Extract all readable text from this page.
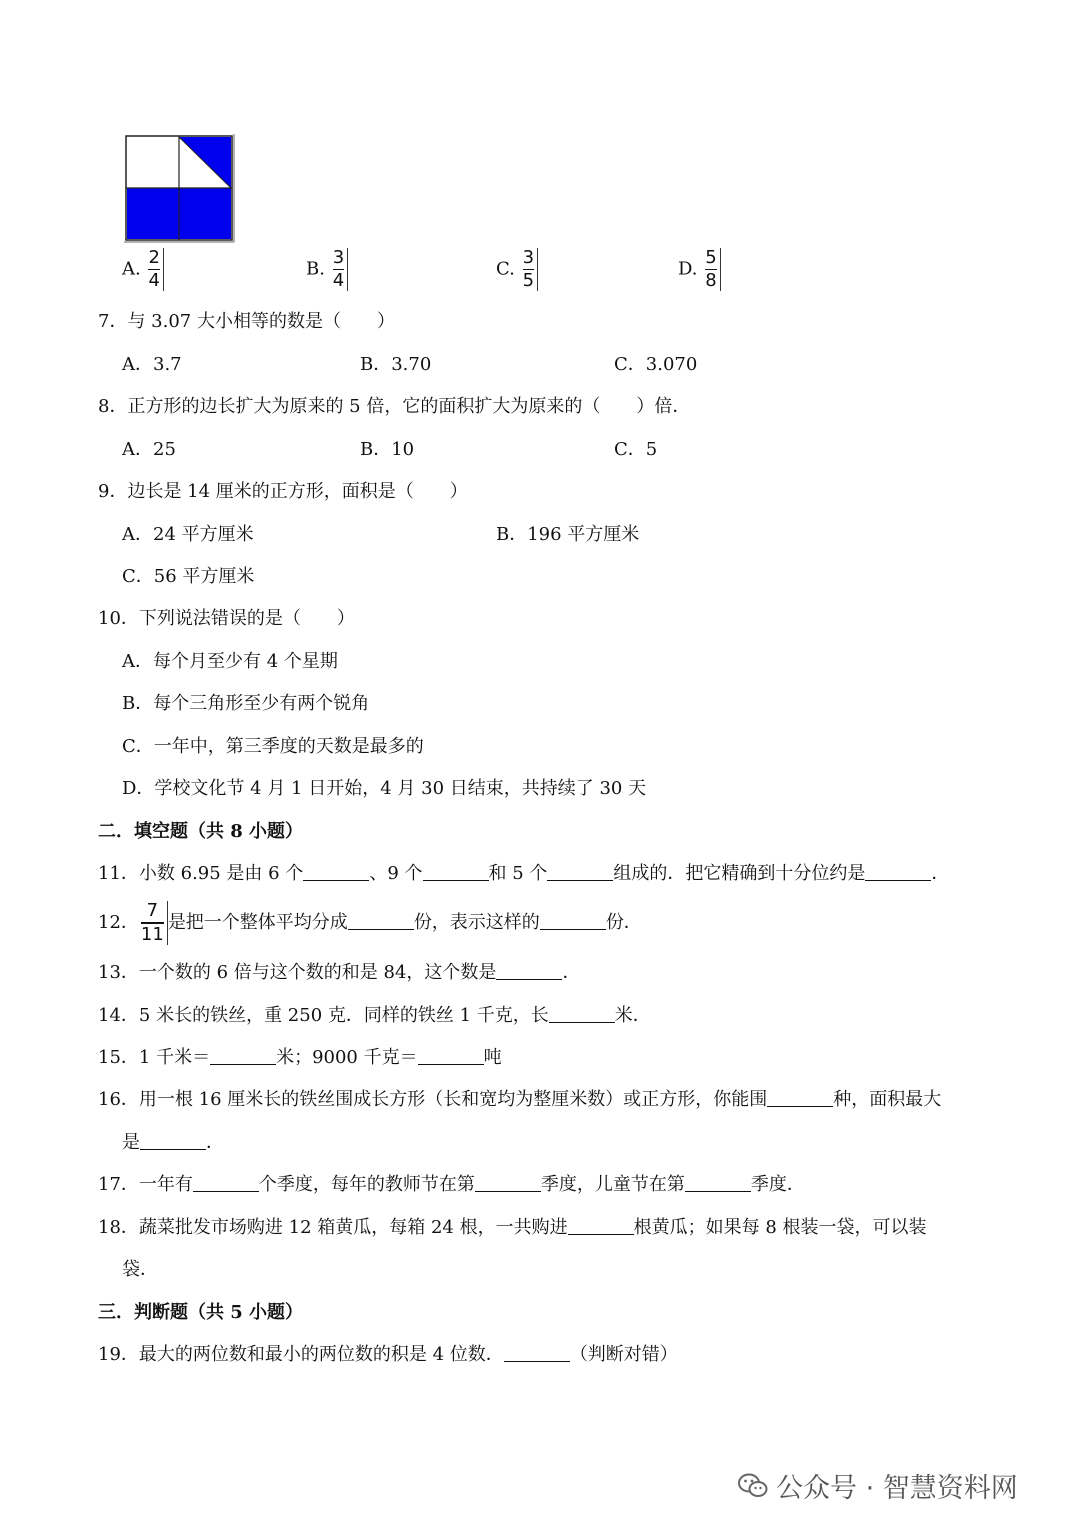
A. $\frac{2}{4}$	B. $\frac{3}{4}$	C. $\frac{3}{5}$	D. $\frac{5}{8}$
7．与 3.07 大小相等的数是（　　）
A．3.7	B．3.70	C．3.070
8．正方形的边长扩大为原来的 5 倍，它的面积扩大为原来的（　　）倍．
A．25	B．10	C．5
9．边长是 14 厘米的正方形，面积是（　　）
A．24 平方厘米	B．196 平方厘米
C．56 平方厘米
10．下列说法错误的是（　　）
A．每个月至少有 4 个星期
B．每个三角形至少有两个锐角
C．一年中，第三季度的天数是最多的
D．学校文化节 4 月 1 日开始，4 月 30 日结束，共持续了 30 天
二．填空题（共 8 小题）
11．小数 6.95 是由 6 个	、9 个	和 5 个	组成的．把它精确到十分位约是	．
12． $\frac{7}{11}$ 是把一个整体平均分成	份，表示这样的	份．
13．一个数的 6 倍与这个数的和是 84，这个数是	．
14．5 米长的铁丝，重 250 克．同样的铁丝 1 千克，长	米．
15．1 千米＝	米；9000 千克＝	吨
16．用一根 16 厘米长的铁丝围成长方形（长和宽均为整厘米数）或正方形，你能围	种，面积最大
是	．
17．一年有	个季度，每年的教师节在第	季度，儿童节在第	季度．
18．蔬菜批发市场购进 12 箱黄瓜，每箱 24 根，一共购进	根黄瓜；如果每 8 根装一袋，可以装
袋．
三．判断题（共 5 小题）
19．最大的两位数和最小的两位数的积是 4 位数．	（判断对错）
公众号 · 智慧资料网
